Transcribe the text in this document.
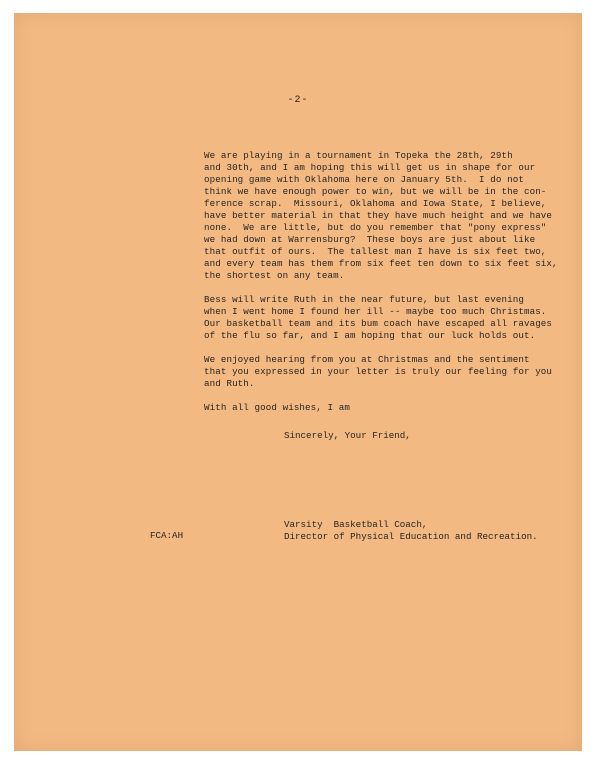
-2-

We are playing in a tournament in Topeka the 28th, 29th
and 30th, and I am hoping this will get us in shape for our
opening game with Oklahoma here on January 5th.  I do not
think we have enough power to win, but we will be in the con-
ference scrap.  Missouri, Oklahoma and Iowa State, I believe,
have better material in that they have much height and we have
none.  We are little, but do you remember that "pony express"
we had down at Warrensburg?  These boys are just about like
that outfit of ours.  The tallest man I have is six feet two,
and every team has them from six feet ten down to six feet six,
the shortest on any team.

Bess will write Ruth in the near future, but last evening
when I went home I found her ill -- maybe too much Christmas.
Our basketball team and its bum coach have escaped all ravages
of the flu so far, and I am hoping that our luck holds out.

We enjoyed hearing from you at Christmas and the sentiment
that you expressed in your letter is truly our feeling for you
and Ruth.

With all good wishes, I am

Sincerely, Your Friend,
FCA:AH
Varsity  Basketball Coach,
Director of Physical Education and Recreation.
